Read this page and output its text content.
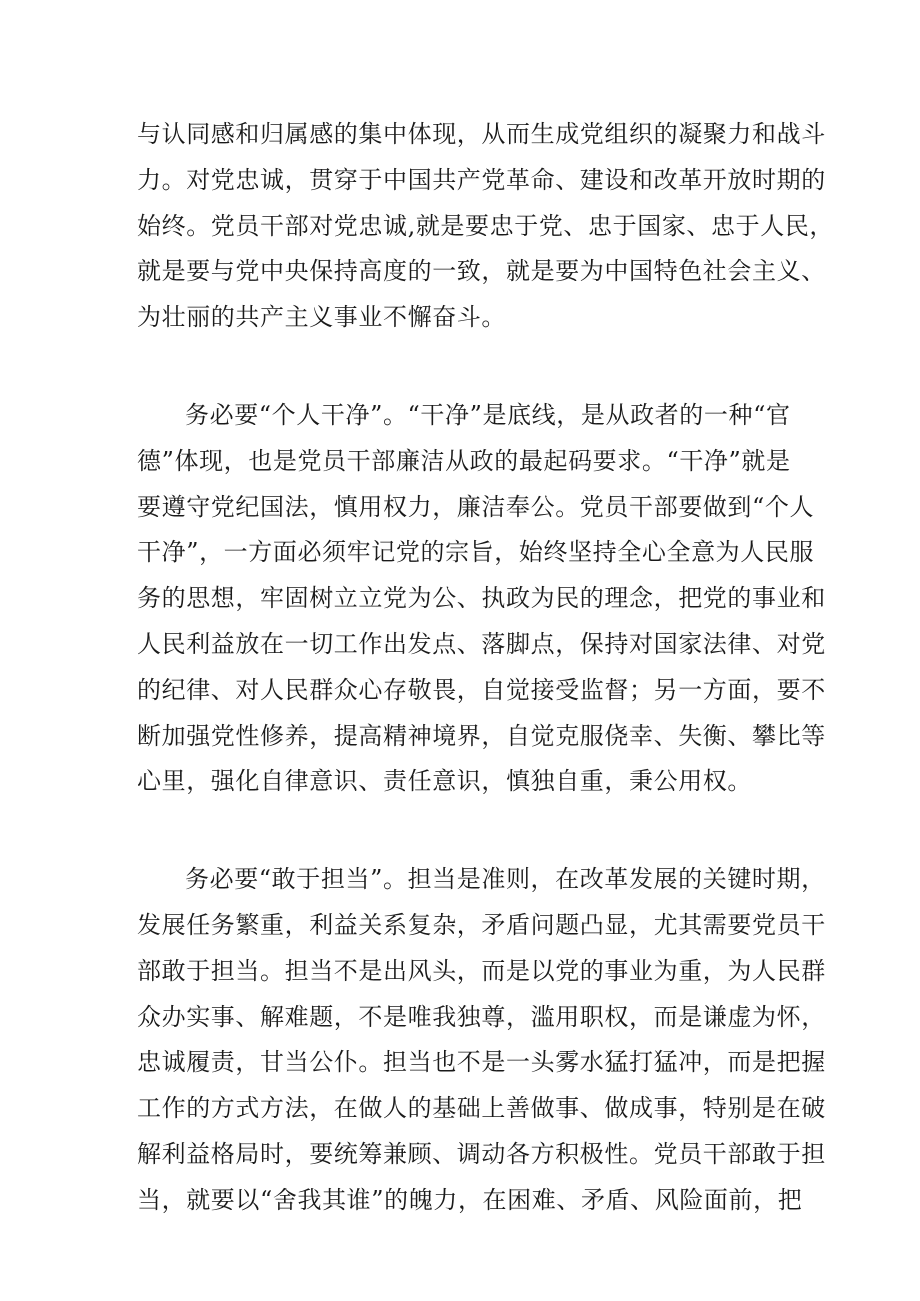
与认同感和归属感的集中体现，从而生成党组织的凝聚力和战斗
力。对党忠诚，贯穿于中国共产党革命、建设和改革开放时期的
始终。党员干部对党忠诚,就是要忠于党、忠于国家、忠于人民，
就是要与党中央保持高度的一致，就是要为中国特色社会主义、
为壮丽的共产主义事业不懈奋斗。

务必要“个人干净”。“干净”是底线，是从政者的一种“官
德”体现，也是党员干部廉洁从政的最起码要求。“干净”就是
要遵守党纪国法，慎用权力，廉洁奉公。党员干部要做到“个人
干净”，一方面必须牢记党的宗旨，始终坚持全心全意为人民服
务的思想，牢固树立立党为公、执政为民的理念，把党的事业和
人民利益放在一切工作出发点、落脚点，保持对国家法律、对党
的纪律、对人民群众心存敬畏，自觉接受监督；另一方面，要不
断加强党性修养，提高精神境界，自觉克服侥幸、失衡、攀比等
心里，强化自律意识、责任意识，慎独自重，秉公用权。

务必要“敢于担当”。担当是准则，在改革发展的关键时期，
发展任务繁重，利益关系复杂，矛盾问题凸显，尤其需要党员干
部敢于担当。担当不是出风头，而是以党的事业为重，为人民群
众办实事、解难题，不是唯我独尊，滥用职权，而是谦虚为怀，
忠诚履责，甘当公仆。担当也不是一头雾水猛打猛冲，而是把握
工作的方式方法，在做人的基础上善做事、做成事，特别是在破
解利益格局时，要统筹兼顾、调动各方积极性。党员干部敢于担
当，就要以“舍我其谁”的魄力，在困难、矛盾、风险面前，把
